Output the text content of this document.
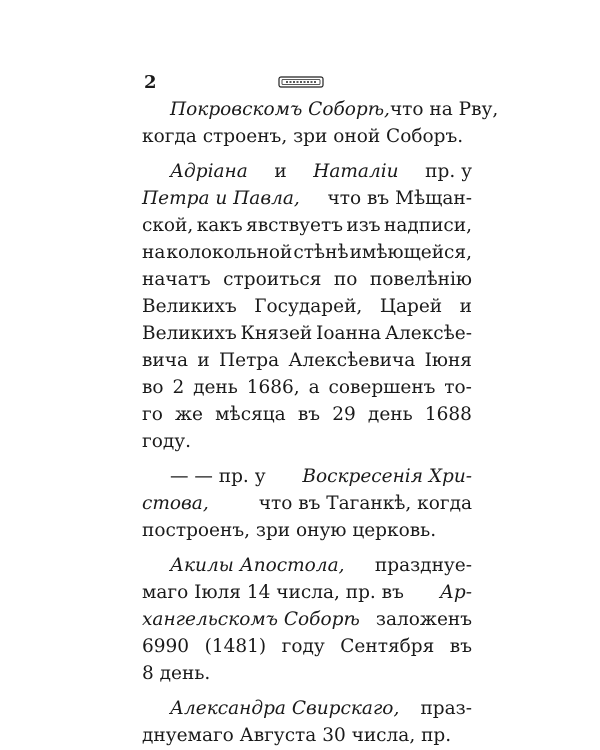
2
Покровскомъ Соборѣ, что на Рву,
когда строенъ, зри оной Соборъ.
Адріана и Наталіи пр. у
Петра и Павла, что въ Мѣщан-
ской, какъ явствуетъ изъ надписи,
на колокольной стѣнѣ имѣющейся,
начатъ строиться по повелѣнію
Великихъ Государей, Царей и
Великихъ Князей Іоанна Алексѣе-
вича и Петра Алексѣевича Іюня
во 2 день 1686, а совершенъ то-
го же мѣсяца въ 29 день 1688
году.
— — пр. у Воскресенія Хри-
стова,	что въ Таганкѣ, когда
построенъ, зри оную церковь.
Акилы Апостола, празднуе-
маго Іюля 14 числа, пр. въ Ар-
хангельскомъ Соборѣ заложенъ
6990 (1481) году Сентября въ
8 день.
Александра Свирскаго, праз-
днуемаго Августа 30 числа, пр.
